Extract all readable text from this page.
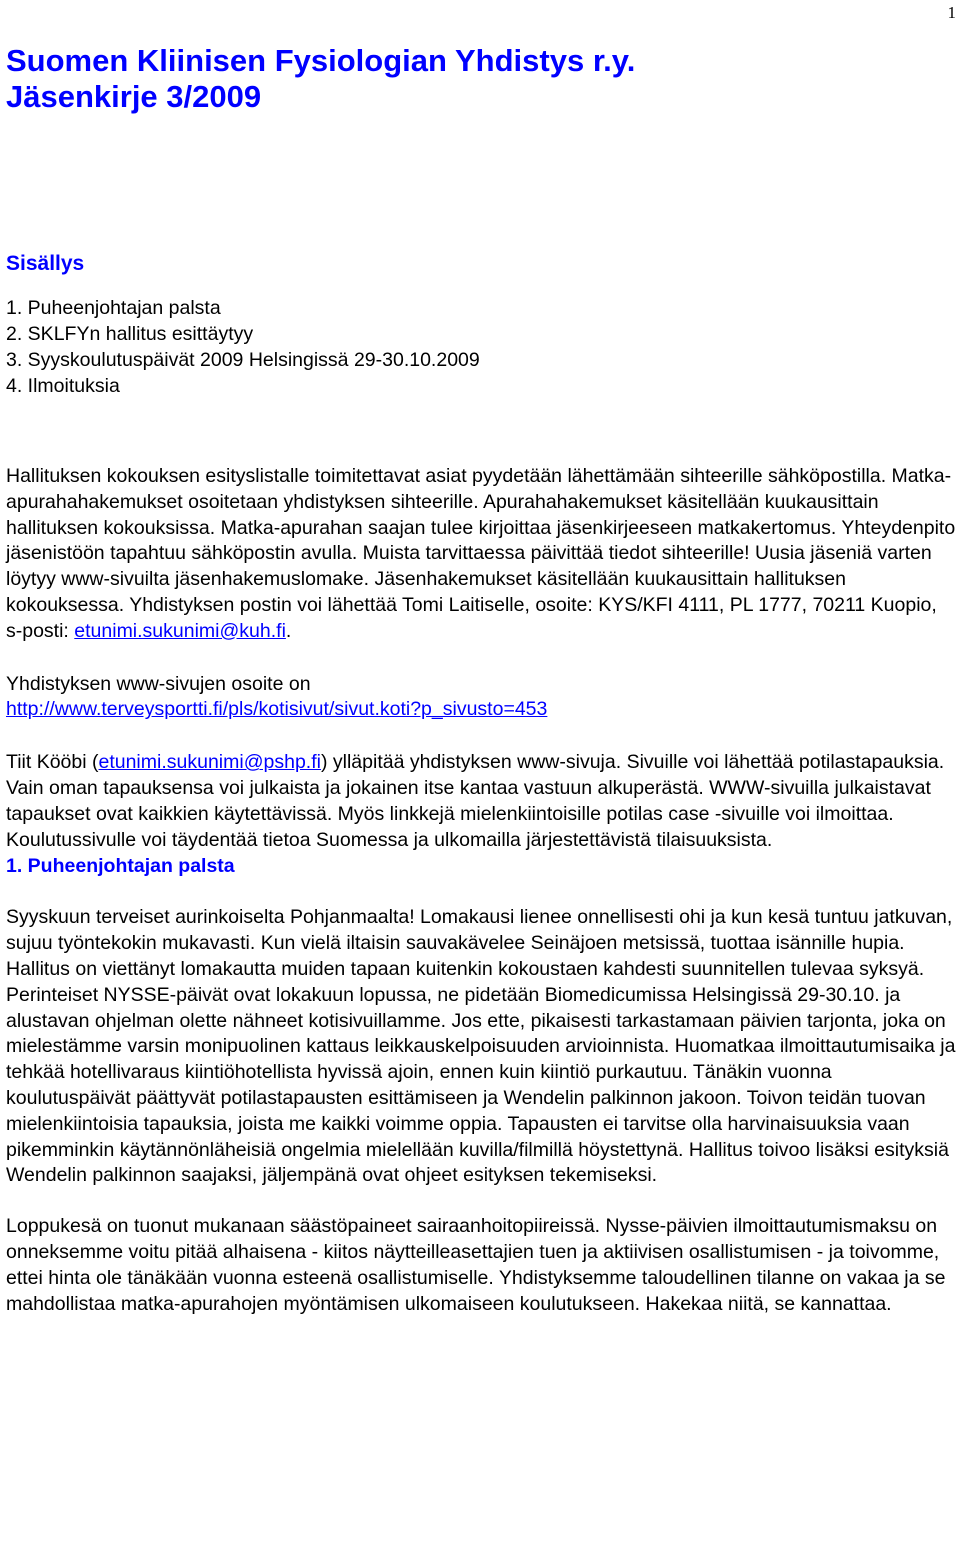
1
Suomen Kliinisen Fysiologian Yhdistys r.y.
Jäsenkirje 3/2009
Sisällys
1. Puheenjohtajan palsta
2. SKLFYn hallitus esittäytyy
3. Syyskoulutuspäivät 2009 Helsingissä 29-30.10.2009
4. Ilmoituksia

Hallituksen kokouksen esityslistalle toimitettavat asiat pyydetään lähettämään sihteerille sähköpostilla. Matka-apurahahakemukset osoitetaan yhdistyksen sihteerille. Apurahahakemukset käsitellään kuukausittain hallituksen kokouksissa. Matka-apurahan saajan tulee kirjoittaa jäsenkirjeeseen matkakertomus. Yhteydenpito jäsenistöön tapahtuu sähköpostin avulla. Muista tarvittaessa päivittää tiedot sihteerille! Uusia jäseniä varten löytyy www-sivuilta jäsenhakemuslomake. Jäsenhakemukset käsitellään kuukausittain hallituksen kokouksessa. Yhdistyksen postin voi lähettää Tomi Laitiselle, osoite: KYS/KFI 4111, PL 1777, 70211 Kuopio, s-posti: etunimi.sukunimi@kuh.fi.

Yhdistyksen www-sivujen osoite on
http://www.terveysportti.fi/pls/kotisivut/sivut.koti?p_sivusto=453

Tiit Kööbi (etunimi.sukunimi@pshp.fi) ylläpitää yhdistyksen www-sivuja. Sivuille voi lähettää potilastapauksia. Vain oman tapauksensa voi julkaista ja jokainen itse kantaa vastuun alkuperästä. WWW-sivuilla julkaistavat tapaukset ovat kaikkien käytettävissä. Myös linkkejä mielenkiintoisille potilas case -sivuille voi ilmoittaa. Koulutussivulle voi täydentää tietoa Suomessa ja ulkomailla järjestettävistä tilaisuuksista.

1. Puheenjohtajan palsta

Syyskuun terveiset aurinkoiselta Pohjanmaalta! Lomakausi lienee onnellisesti ohi ja kun kesä tuntuu jatkuvan, sujuu työntekokin mukavasti. Kun vielä iltaisin sauvakävelee Seinäjoen metsissä, tuottaa isännille hupia. Hallitus on viettänyt lomakautta muiden tapaan kuitenkin kokoustaen kahdesti suunnitellen tulevaa syksyä. Perinteiset NYSSE-päivät ovat lokakuun lopussa, ne pidetään Biomedicumissa Helsingissä 29-30.10. ja alustavan ohjelman olette nähneet kotisivuillamme. Jos ette, pikaisesti tarkastamaan päivien tarjonta, joka on mielestämme varsin monipuolinen kattaus leikkauskelpoisuuden arvioinnista. Huomatkaa ilmoittautumisaika ja tehkää hotellivaraus kiintiöhotellista hyvissä ajoin, ennen kuin kiintiö purkautuu. Tänäkin vuonna koulutuspäivät päättyvät potilastapausten esittämiseen ja Wendelin palkinnon jakoon. Toivon teidän tuovan mielenkiintoisia tapauksia, joista me kaikki voimme oppia. Tapausten ei tarvitse olla harvinaisuuksia vaan pikemminkin käytännönläheisiä ongelmia mielellään kuvilla/filmillä höystettynä. Hallitus toivoo lisäksi esityksiä Wendelin palkinnon saajaksi, jäljempänä ovat ohjeet esityksen tekemiseksi.

Loppukesä on tuonut mukanaan säästöpaineet sairaanhoitopiireissä. Nysse-päivien ilmoittautumismaksu on onneksemme voitu pitää alhaisena - kiitos näytteilleasettajien tuen ja aktiivisen osallistumisen - ja toivomme, ettei hinta ole tänäkään vuonna esteenä osallistumiselle. Yhdistyksemme taloudellinen tilanne on vakaa ja se mahdollistaa matka-apurahojen myöntämisen ulkomaiseen koulutukseen. Hakekaa niitä, se kannattaa.
